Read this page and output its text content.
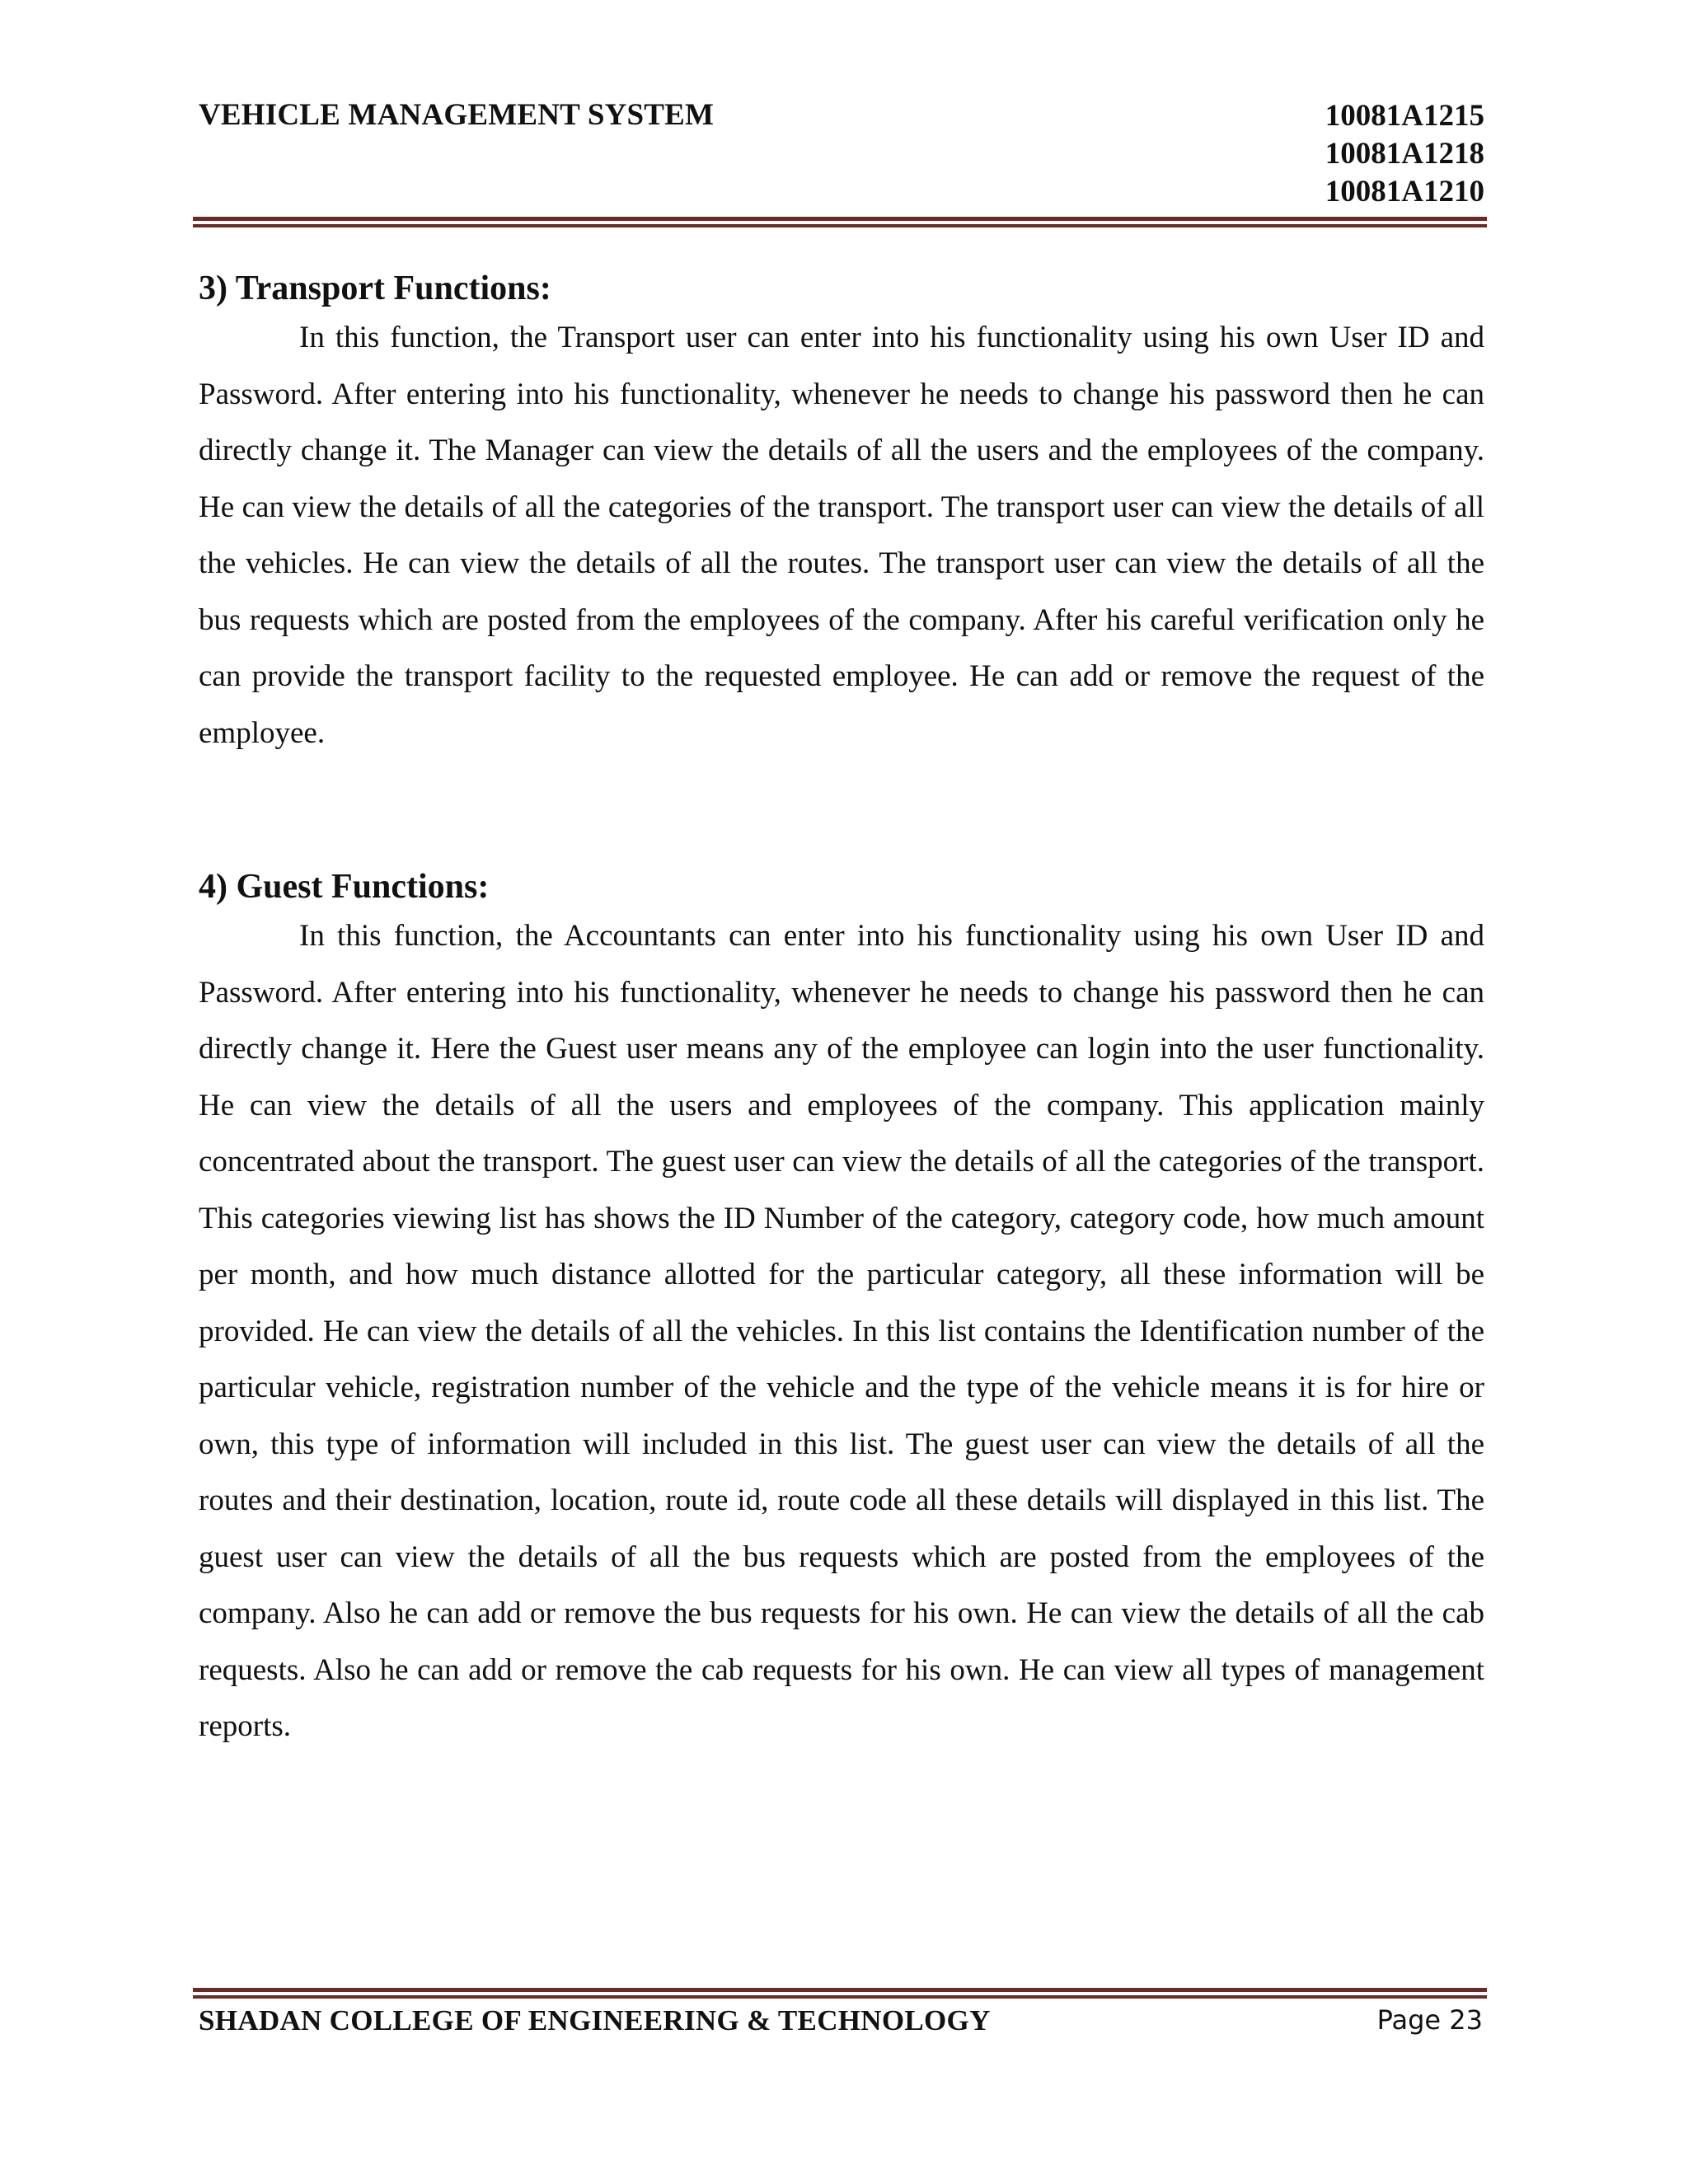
VEHICLE MANAGEMENT SYSTEM	10081A1215
10081A1218
10081A1210
3) Transport Functions:

In this function, the Transport user can enter into his functionality using his own User ID and Password. After entering into his functionality, whenever he needs to change his password then he can directly change it. The Manager can view the details of all the users and the employees of the company. He can view the details of all the categories of the transport. The transport user can view the details of all the vehicles. He can view the details of all the routes. The transport user can view the details of all the bus requests which are posted from the employees of the company. After his careful verification only he can provide the transport facility to the requested employee. He can add or remove the request of the employee.

4) Guest Functions:

In this function, the Accountants can enter into his functionality using his own User ID and Password. After entering into his functionality, whenever he needs to change his password then he can directly change it. Here the Guest user means any of the employee can login into the user functionality. He can view the details of all the users and employees of the company. This application mainly concentrated about the transport. The guest user can view the details of all the categories of the transport. This categories viewing list has shows the ID Number of the category, category code, how much amount per month, and how much distance allotted for the particular category, all these information will be provided. He can view the details of all the vehicles. In this list contains the Identification number of the particular vehicle, registration number of the vehicle and the type of the vehicle means it is for hire or own, this type of information will included in this list. The guest user can view the details of all the routes and their destination, location, route id, route code all these details will displayed in this list. The guest user can view the details of all the bus requests which are posted from the employees of the company. Also he can add or remove the bus requests for his own. He can view the details of all the cab requests. Also he can add or remove the cab requests for his own. He can view all types of management reports.

SHADAN COLLEGE OF ENGINEERING & TECHNOLOGY	Page 23
